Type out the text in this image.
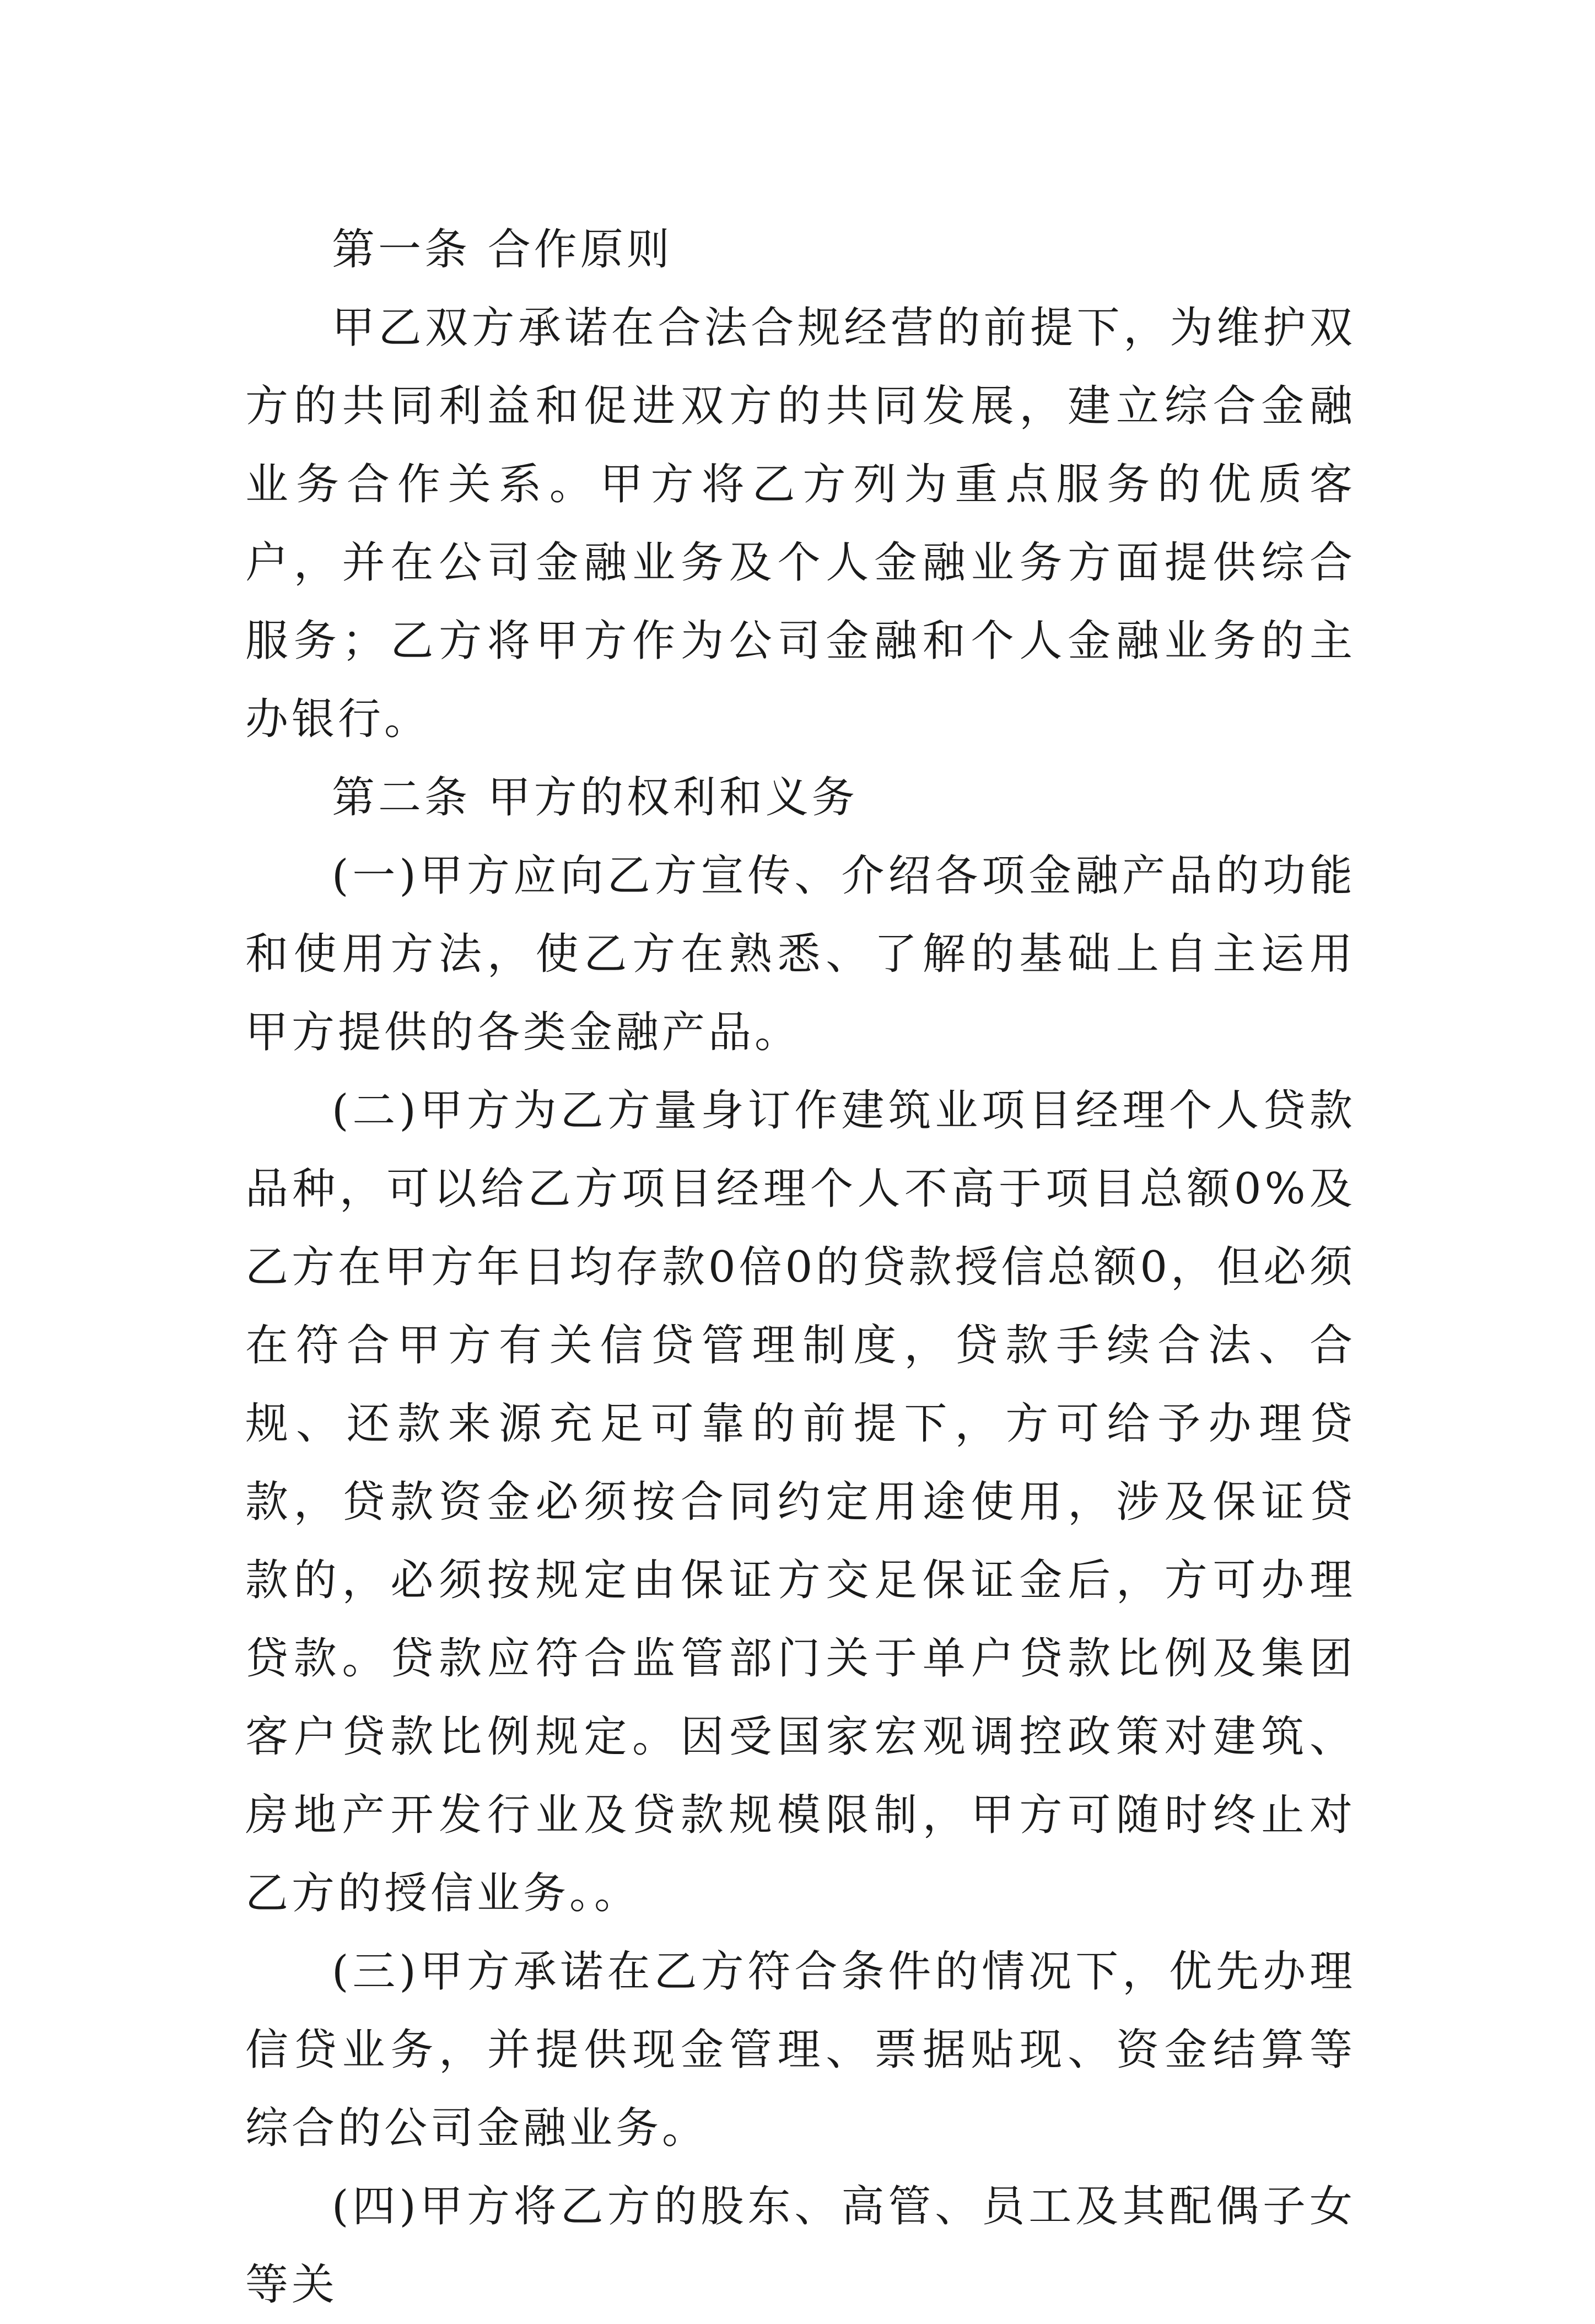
第一条 合作原则

甲乙双方承诺在合法合规经营的前提下，为维护双方的共同利益和促进双方的共同发展，建立综合金融业务合作关系。甲方将乙方列为重点服务的优质客户，并在公司金融业务及个人金融业务方面提供综合服务；乙方将甲方作为公司金融和个人金融业务的主办银行。

第二条 甲方的权利和义务

(一)甲方应向乙方宣传、介绍各项金融产品的功能和使用方法，使乙方在熟悉、了解的基础上自主运用甲方提供的各类金融产品。

(二)甲方为乙方量身订作建筑业项目经理个人贷款品种，可以给乙方项目经理个人不高于项目总额0%及乙方在甲方年日均存款0倍0的贷款授信总额0，但必须在符合甲方有关信贷管理制度，贷款手续合法、合规、还款来源充足可靠的前提下，方可给予办理贷款，贷款资金必须按合同约定用途使用，涉及保证贷款的，必须按规定由保证方交足保证金后，方可办理贷款。贷款应符合监管部门关于单户贷款比例及集团客户贷款比例规定。因受国家宏观调控政策对建筑、房地产开发行业及贷款规模限制，甲方可随时终止对乙方的授信业务。。

(三)甲方承诺在乙方符合条件的情况下，优先办理信贷业务，并提供现金管理、票据贴现、资金结算等综合的公司金融业务。

(四)甲方将乙方的股东、高管、员工及其配偶子女等关
